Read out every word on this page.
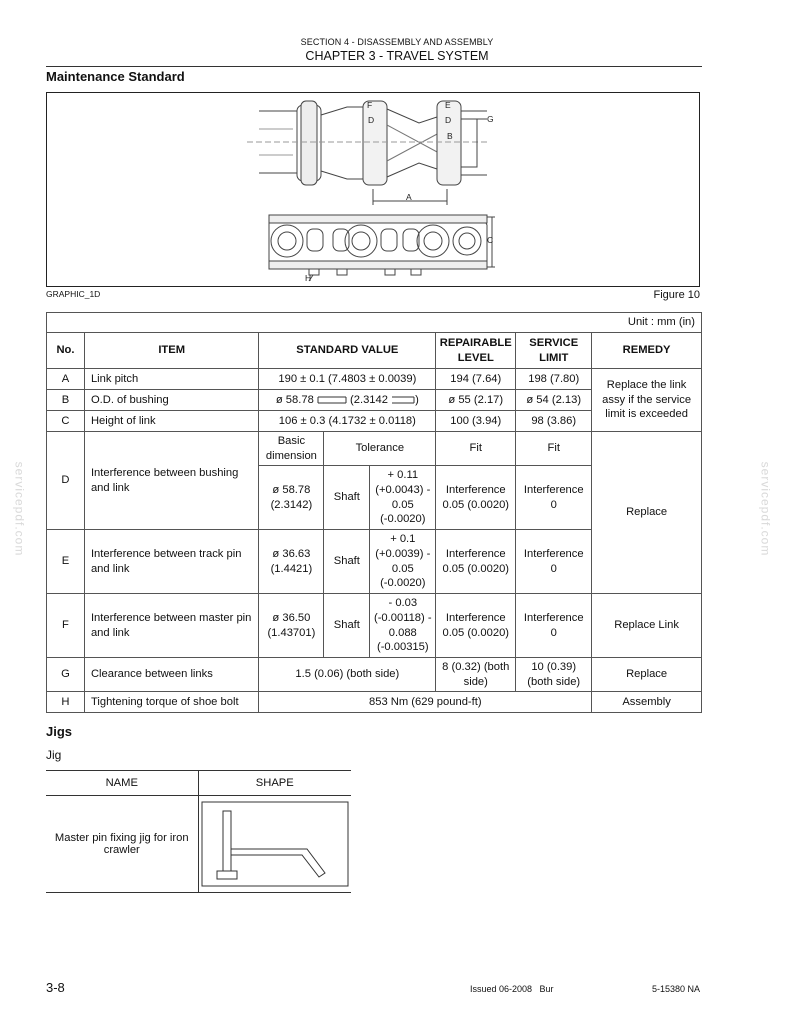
SECTION 4 - DISASSEMBLY AND ASSEMBLY
CHAPTER 3 - TRAVEL SYSTEM
Maintenance Standard
F
D
E
D	G
B
A
C
H
GRAPHIC_1D	Figure 10
Unit : mm (in)							
No.	ITEM	STANDARD VALUE			REPAIRABLE LEVEL	SERVICE LIMIT	REMEDY
A	Link pitch	190 ± 0.1 (7.4803 ± 0.0039)			194 (7.64)	198 (7.80)	Replace the link assy if the service limit is exceeded
B	O.D. of bushing	ø 58.78 (2.3142 )			ø 55 (2.17)	ø 54 (2.13)	
C	Height of link	106 ± 0.3 (4.1732 ± 0.0118)			100 (3.94)	98 (3.86)	
D	Interference between bushing and link	Basic dimension	Tolerance		Fit	Fit	Replace
		ø 58.78 (2.3142)	Shaft	+ 0.11 (+0.0043) - 0.05 (-0.0020)	Interference 0.05 (0.0020)	Interference 0	
E	Interference between track pin and link	ø 36.63 (1.4421)	Shaft	+ 0.1 (+0.0039) - 0.05 (-0.0020)	Interference 0.05 (0.0020)	Interference 0	
F	Interference between master pin and link	ø 36.50 (1.43701)	Shaft	- 0.03 (-0.00118) - 0.088 (-0.00315)	Interference 0.05 (0.0020)	Interference 0	Replace Link
G	Clearance between links	1.5 (0.06) (both side)			8 (0.32) (both side)	10 (0.39) (both side)	Replace
H	Tightening torque of shoe bolt	853 Nm (629 pound-ft)					Assembly
Jigs
Jig
NAME	SHAPE
Master pin fixing jig for iron crawler	
servicepdf.com	servicepdf.com
3-8	Issued 06-2008   Bur	5-15380 NA
